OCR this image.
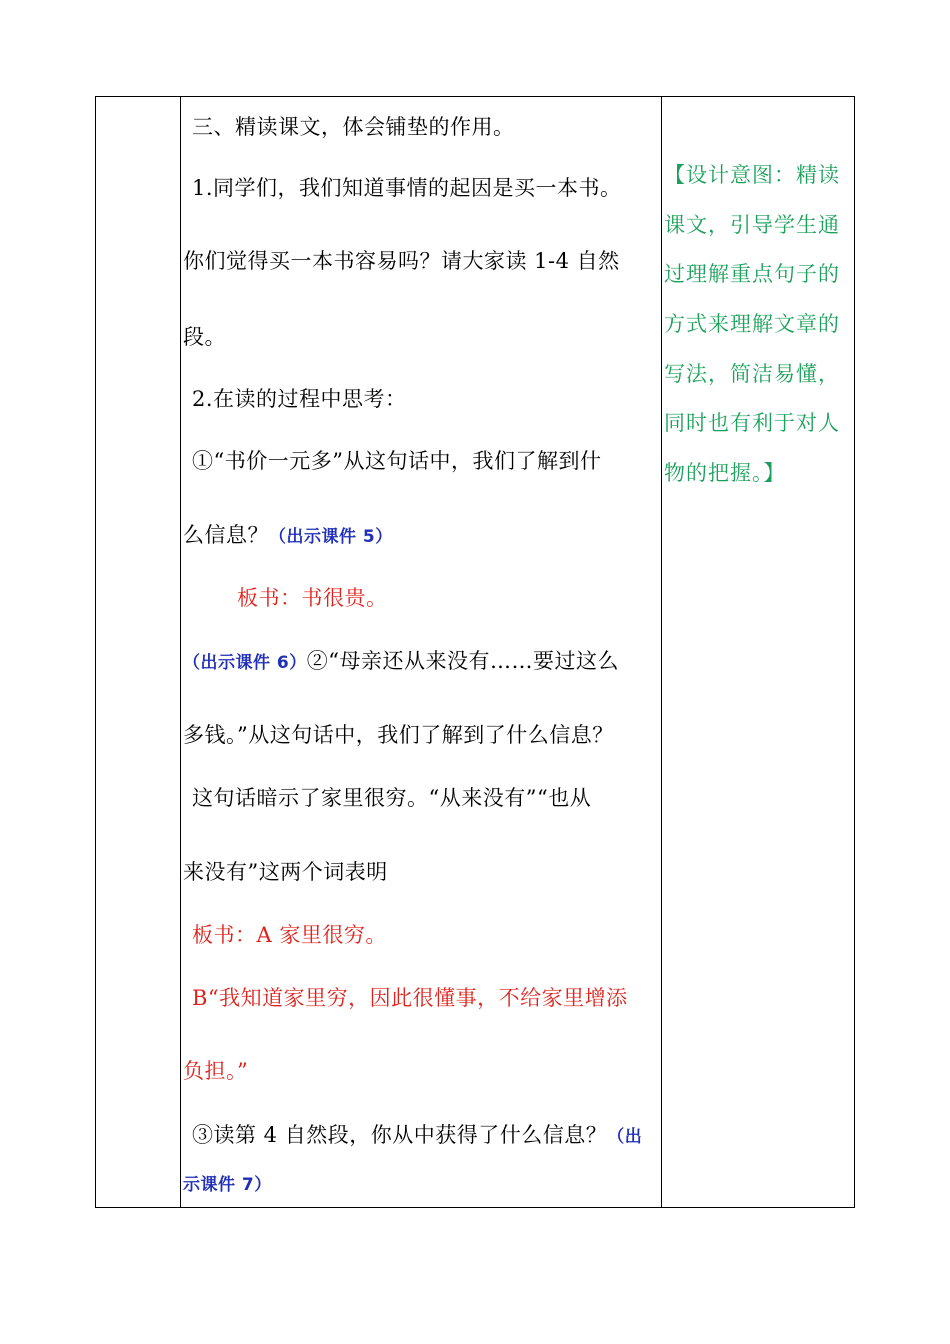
三、精读课文，体会铺垫的作用。
1.同学们，我们知道事情的起因是买一本书。
你们觉得买一本书容易吗？请大家读 1-4 自然
段。
2.在读的过程中思考：
①“书价一元多”从这句话中，我们了解到什
么信息？（出示课件 5）
板书：书很贵。
（出示课件 6）②“母亲还从来没有……要过这么
多钱。”从这句话中，我们了解到了什么信息？
这句话暗示了家里很穷。“从来没有”“也从
来没有”这两个词表明
板书：A 家里很穷。
B“我知道家里穷，因此很懂事，不给家里增添
负担。”
③读第 4 自然段，你从中获得了什么信息？（出
示课件 7）
【设计意图：精读
课文，引导学生通
过理解重点句子的
方式来理解文章的
写法，简洁易懂，
同时也有利于对人
物的把握。】
